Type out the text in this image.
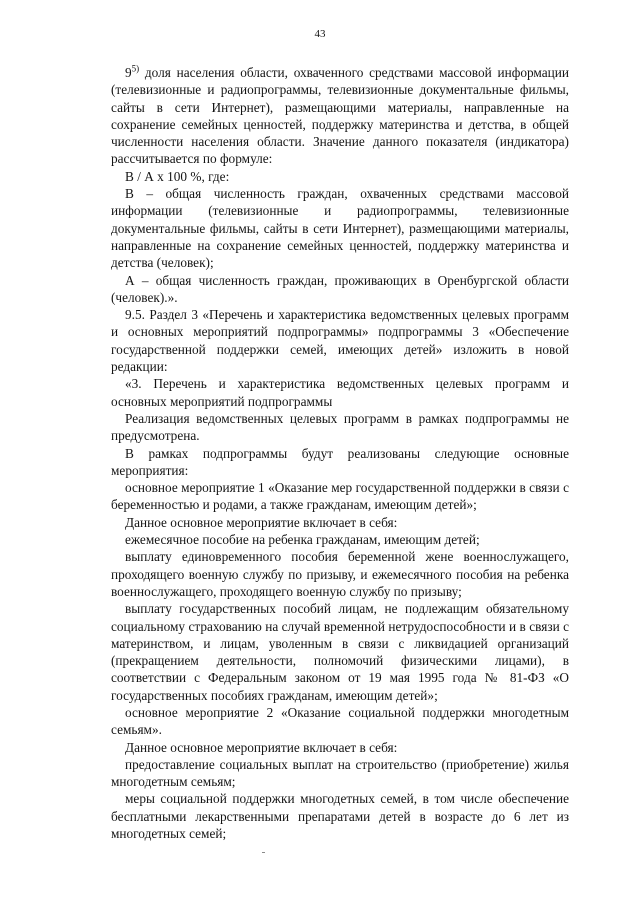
43

9$^{5)}$ доля населения области, охваченного средствами массовой информации (телевизионные и радиопрограммы, телевизионные документальные фильмы, сайты в сети Интернет), размещающими материалы, направленные на сохранение семейных ценностей, поддержку материнства и детства, в общей численности населения области. Значение данного показателя (индикатора) рассчитывается по формуле:

В / А х 100 %, где:

В – общая численность граждан, охваченных средствами массовой информации (телевизионные и радиопрограммы, телевизионные документальные фильмы, сайты в сети Интернет), размещающими материалы, направленные на сохранение семейных ценностей, поддержку материнства и детства (человек);

А – общая численность граждан, проживающих в Оренбургской области (человек).».

9.5. Раздел 3 «Перечень и характеристика ведомственных целевых программ и основных мероприятий подпрограммы» подпрограммы 3 «Обеспечение государственной поддержки семей, имеющих детей» изложить в новой редакции:

«3. Перечень и характеристика ведомственных целевых программ и основных мероприятий подпрограммы

Реализация ведомственных целевых программ в рамках подпрограммы не предусмотрена.

В рамках подпрограммы будут реализованы следующие основные мероприятия:

основное мероприятие 1 «Оказание мер государственной поддержки в связи с беременностью и родами, а также гражданам, имеющим детей»;

Данное основное мероприятие включает в себя:

ежемесячное пособие на ребенка гражданам, имеющим детей;

выплату единовременного пособия беременной жене военнослужащего, проходящего военную службу по призыву, и ежемесячного пособия на ребенка военнослужащего, проходящего военную службу по призыву;

выплату государственных пособий лицам, не подлежащим обязательному социальному страхованию на случай временной нетрудоспособности и в связи с материнством, и лицам, уволенным в связи с ликвидацией организаций (прекращением деятельности, полномочий физическими лицами), в соответствии с Федеральным законом от 19 мая 1995 года № 81-ФЗ «О государственных пособиях гражданам, имеющим детей»;

основное мероприятие 2 «Оказание социальной поддержки многодетным семьям».

Данное основное мероприятие включает в себя:

предоставление социальных выплат на строительство (приобретение) жилья многодетным семьям;

меры социальной поддержки многодетных семей, в том числе обеспечение бесплатными лекарственными препаратами детей в возрасте до 6 лет из многодетных семей;
